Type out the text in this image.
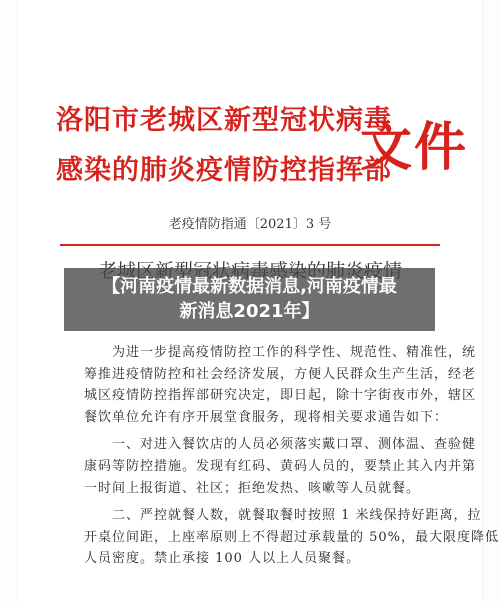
洛阳市老城区新型冠状病毒
感染的肺炎疫情防控指挥部
文件
老疫情防指通〔2021〕3 号
【河南疫情最新数据消息,河南疫情最
新消息2021年】
为进一步提高疫情防控工作的科学性、规范性、精准性，统
筹推进疫情防控和社会经济发展，方便人民群众生产生活，经老
城区疫情防控指挥部研究决定，即日起，除十字街夜市外，辖区
餐饮单位允许有序开展堂食服务，现将相关要求通告如下：
一、对进入餐饮店的人员必须落实戴口罩、测体温、查验健
康码等防控措施。发现有红码、黄码人员的，要禁止其入内并第
一时间上报街道、社区；拒绝发热、咳嗽等人员就餐。
二、严控就餐人数，就餐取餐时按照 1 米线保持好距离，拉
开桌位间距，上座率原则上不得超过承载量的 50%，最大限度降低
人员密度。禁止承接 100 人以上人员聚餐。
